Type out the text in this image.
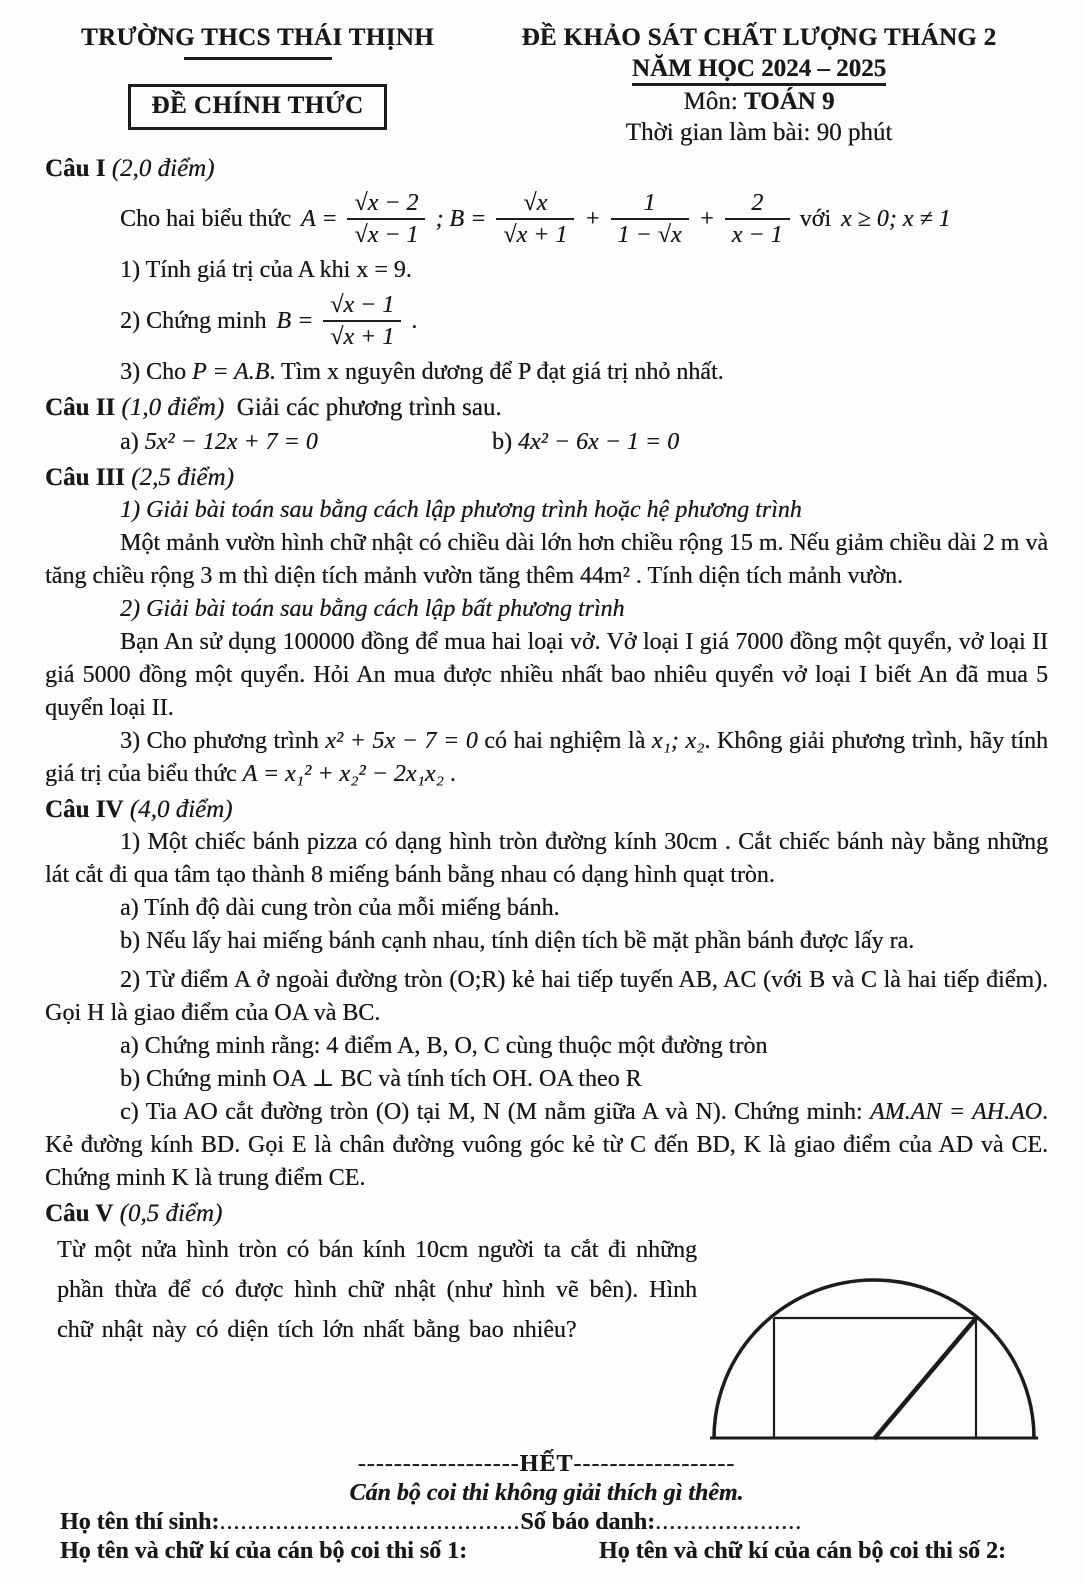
TRƯỜNG THCS THÁI THỊNH
ĐỀ CHÍNH THỨC
ĐỀ KHẢO SÁT CHẤT LƯỢNG THÁNG 2
NĂM HỌC 2024 – 2025
Môn: TOÁN 9
Thời gian làm bài: 90 phút

Câu I (2,0 điểm)

Cho hai biểu thức $A = \frac{√x - 2}{√x - 1}$ ; $B = \frac{√x}{√x + 1} + \frac{1}{1 - √x} + \frac{2}{x - 1}$ với x ≥ 0; x ≠ 1

1) Tính giá trị của A khi x = 9.

2) Chứng minh $B = \frac{√x - 1}{√x + 1}$ .

3) Cho P = A.B. Tìm x nguyên dương để P đạt giá trị nhỏ nhất.

Câu II (1,0 điểm) Giải các phương trình sau.

a) 5x² − 12x + 7 = 0	b) 4x² − 6x − 1 = 0

Câu III (2,5 điểm)

1) Giải bài toán sau bằng cách lập phương trình hoặc hệ phương trình

Một mảnh vườn hình chữ nhật có chiều dài lớn hơn chiều rộng 15 m. Nếu giảm chiều dài 2 m và tăng chiều rộng 3 m thì diện tích mảnh vườn tăng thêm 44m² . Tính diện tích mảnh vườn.

2) Giải bài toán sau bằng cách lập bất phương trình

Bạn An sử dụng 100000 đồng để mua hai loại vở. Vở loại I giá 7000 đồng một quyển, vở loại II giá 5000 đồng một quyển. Hỏi An mua được nhiều nhất bao nhiêu quyển vở loại I biết An đã mua 5 quyển loại II.

3) Cho phương trình x² + 5x − 7 = 0 có hai nghiệm là x₁; x₂. Không giải phương trình, hãy tính giá trị của biểu thức A = x₁² + x₂² − 2x₁x₂ .

Câu IV (4,0 điểm)

1) Một chiếc bánh pizza có dạng hình tròn đường kính 30cm . Cắt chiếc bánh này bằng những lát cắt đi qua tâm tạo thành 8 miếng bánh bằng nhau có dạng hình quạt tròn.

a) Tính độ dài cung tròn của mỗi miếng bánh.

b) Nếu lấy hai miếng bánh cạnh nhau, tính diện tích bề mặt phần bánh được lấy ra.

2) Từ điểm A ở ngoài đường tròn (O;R) kẻ hai tiếp tuyến AB, AC (với B và C là hai tiếp điểm). Gọi H là giao điểm của OA và BC.

a) Chứng minh rằng: 4 điểm A, B, O, C cùng thuộc một đường tròn

b) Chứng minh OA ⊥ BC và tính tích OH. OA theo R

c) Tia AO cắt đường tròn (O) tại M, N (M nằm giữa A và N). Chứng minh: AM.AN = AH.AO. Kẻ đường kính BD. Gọi E là chân đường vuông góc kẻ từ C đến BD, K là giao điểm của AD và CE. Chứng minh K là trung điểm CE.

Câu V (0,5 điểm)

Từ một nửa hình tròn có bán kính 10cm người ta cắt đi những phần thừa để có được hình chữ nhật (như hình vẽ bên). Hình chữ nhật này có diện tích lớn nhất bằng bao nhiêu?

------------------HẾT------------------

Cán bộ coi thi không giải thích gì thêm.

Họ tên thí sinh:...........................................Số báo danh:.....................

Họ tên và chữ kí của cán bộ coi thi số 1:	Họ tên và chữ kí của cán bộ coi thi số 2:
